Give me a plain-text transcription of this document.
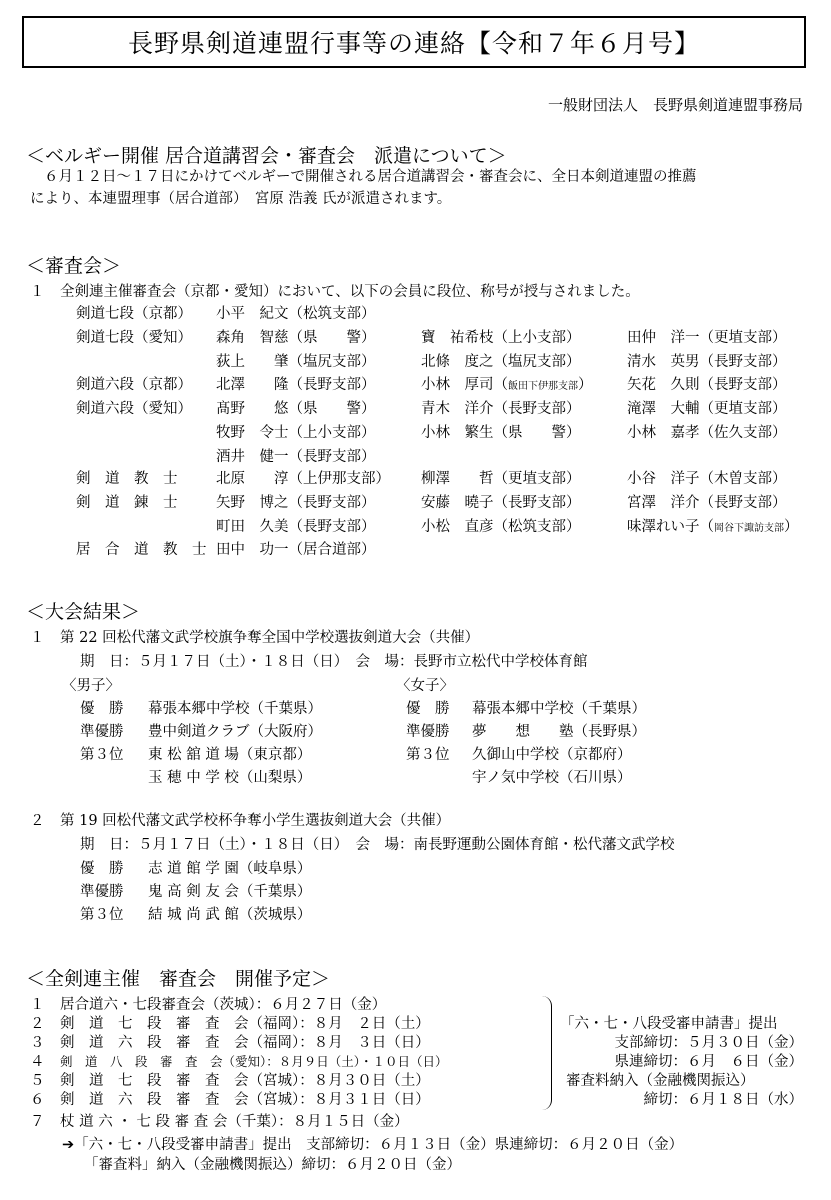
長野県剣道連盟行事等の連絡【令和７年６月号】
一般財団法人　長野県剣道連盟事務局
＜ベルギー開催 居合道講習会・審査会　派遣について＞
６月１２日～１７日にかけてベルギーで開催される居合道講習会・審査会に、全日本剣道連盟の推薦
により、本連盟理事（居合道部）　宮原 浩義 氏が派遣されます。
＜審査会＞
１ 全剣連主催審査会（京都・愛知）において、以下の会員に段位、称号が授与されました。
剣道七段（京都） 小平　紀文（松筑支部）
剣道七段（愛知） 森角　智慈（県　　警）	寶　祐希枝（上小支部）	田仲　洋一（更埴支部）
荻上　　肇（塩尻支部）	北條　度之（塩尻支部）	清水　英男（長野支部）
剣道六段（京都） 北澤　　隆（長野支部）	小林　厚司（飯田下伊那支部） 矢花　久則（長野支部）
剣道六段（愛知） 髙野　　悠（県　　警）	青木　洋介（長野支部）	滝澤　大輔（更埴支部）
牧野　令士（上小支部）	小林　繁生（県　　警）	小林　嘉孝（佐久支部）
酒井　健一（長野支部）
剣　道　教　士	北原　　淳（上伊那支部） 柳澤　　哲（更埴支部）	小谷　洋子（木曽支部）
剣　道　錬　士	矢野　博之（長野支部）	安藤　曉子（長野支部）	宮澤　洋介（長野支部）
町田　久美（長野支部）	小松　直彦（松筑支部）	味澤れい子（岡谷下諏訪支部）
居　合　道　教　士 田中　功一（居合道部）
＜大会結果＞
１ 第 22 回松代藩文武学校旗争奪全国中学校選抜剣道大会（共催）
期　日：５月１７日（土）・１８日（日）　会　場：長野市立松代中学校体育館
〈男子〉	〈女子〉
優　勝 幕張本郷中学校（千葉県）
準優勝 豊中剣道クラブ（大阪府）
第３位 東 松 舘 道 場（東京都）
玉 穂 中 学 校（山梨県）
優　勝 幕張本郷中学校（千葉県）
準優勝 夢　　想　　塾（長野県）
第３位 久御山中学校（京都府）
宇ノ気中学校（石川県）
２ 第 19 回松代藩文武学校杯争奪小学生選抜剣道大会（共催）
期　日：５月１７日（土）・１８日（日）　会　場：南長野運動公園体育館・松代藩文武学校
優　勝 志 道 館 学 園（岐阜県）
準優勝 鬼 高 剣 友 会（千葉県）
第３位 結 城 尚 武 館（茨城県）
＜全剣連主催　審査会　開催予定＞
１ 居合道六・七段審査会（茨城）：６月２７日（金）
２ 剣　道　七　段　審　査　会（福岡）：８月　２日（土）
３ 剣　道　六　段　審　査　会（福岡）：８月　３日（日）
４ 剣　道　八　段　審　査　会（愛知）：８月９日（土）・１０日（日）
５ 剣　道　七　段　審　査　会（宮城）：８月３０日（土）
６ 剣　道　六　段　審　査　会（宮城）：８月３１日（日）
７ 杖 道 六 ・ 七 段 審 査 会（千葉）：８月１５日（金）
「六・七・八段受審申請書」提出
支部締切：５月３０日（金）
県連締切：６月　６日（金）
審査料納入（金融機関振込）
締切：６月１８日（水）
➔「六・七・八段受審申請書」提出　支部締切：６月１３日（金）県連締切：６月２０日（金）
「審査料」納入（金融機関振込）締切：６月２０日（金）
